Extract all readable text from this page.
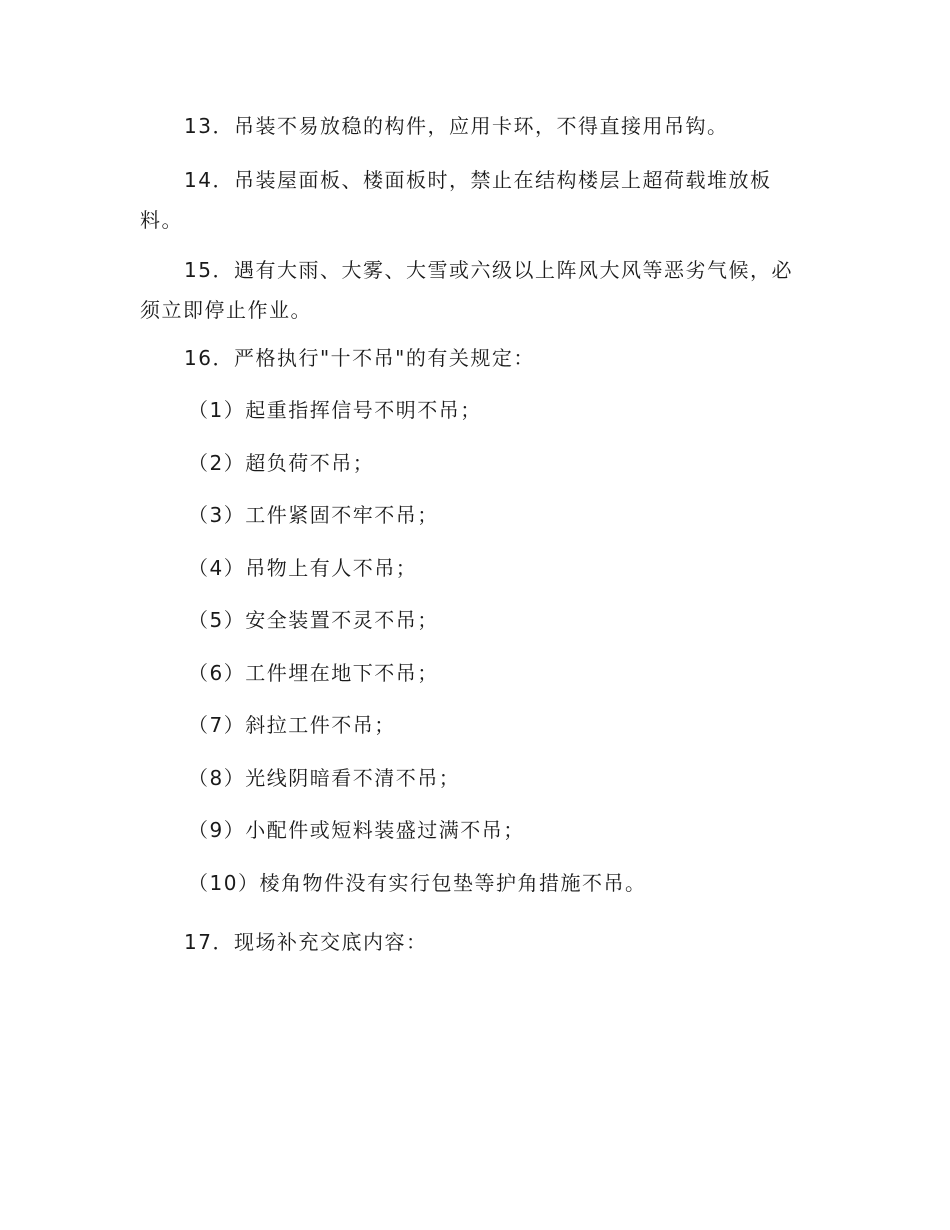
13．吊装不易放稳的构件，应用卡环，不得直接用吊钩。

14．吊装屋面板、楼面板时，禁止在结构楼层上超荷载堆放板料。

15．遇有大雨、大雾、大雪或六级以上阵风大风等恶劣气候，必须立即停止作业。

16．严格执行"十不吊"的有关规定：

（1）起重指挥信号不明不吊；
（2）超负荷不吊；
（3）工件紧固不牢不吊；
（4）吊物上有人不吊；
（5）安全装置不灵不吊；
（6）工件埋在地下不吊；
（7）斜拉工件不吊；
（8）光线阴暗看不清不吊；
（9）小配件或短料装盛过满不吊；
（10）棱角物件没有实行包垫等护角措施不吊。

17．现场补充交底内容：
